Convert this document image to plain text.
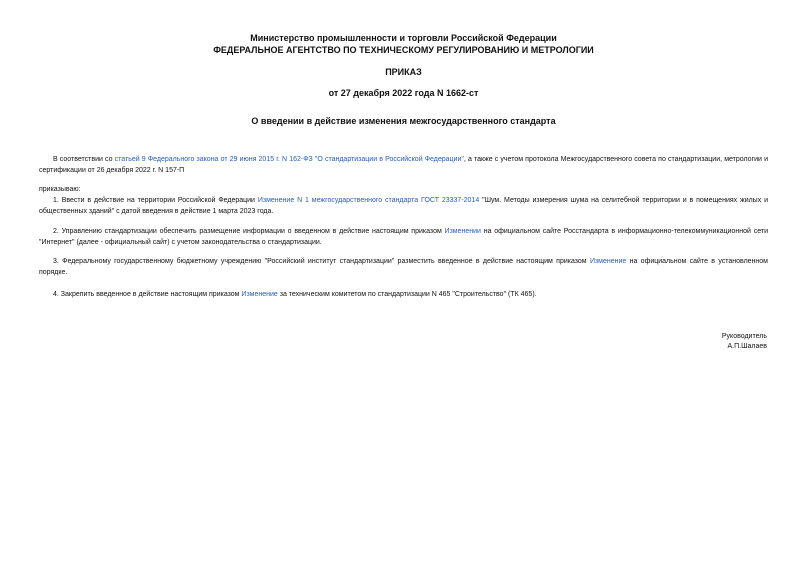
Министерство промышленности и торговли Российской Федерации
ФЕДЕРАЛЬНОЕ АГЕНТСТВО ПО ТЕХНИЧЕСКОМУ РЕГУЛИРОВАНИЮ И МЕТРОЛОГИИ
ПРИКАЗ
от 27 декабря 2022 года N 1662-ст
О введении в действие изменения межгосударственного стандарта
В соответствии со статьей 9 Федерального закона от 29 июня 2015 г. N 162-ФЗ "О стандартизации в Российской Федерации", а также с учетом протокола Межгосударственного совета по стандартизации, метрологии и сертификации от 26 декабря 2022 г. N 157-П
приказываю:
1. Ввести в действие на территории Российской Федерации Изменение N 1 межгосударственного стандарта ГОСТ 23337-2014 "Шум. Методы измерения шума на селитебной территории и в помещениях жилых и общественных зданий" с датой введения в действие 1 марта 2023 года.
2. Управлению стандартизации обеспечить размещение информации о введенном в действие настоящим приказом Изменении на официальном сайте Росстандарта в информационно-телекоммуникационной сети "Интернет" (далее - официальный сайт) с учетом законодательства о стандартизации.
3. Федеральному государственному бюджетному учреждению "Российский институт стандартизации" разместить введенное в действие настоящим приказом Изменение на официальном сайте в установленном порядке.
4. Закрепить введенное в действие настоящим приказом Изменение за техническим комитетом по стандартизации N 465 "Строительство" (ТК 465).
Руководитель
А.П.Шалаев
